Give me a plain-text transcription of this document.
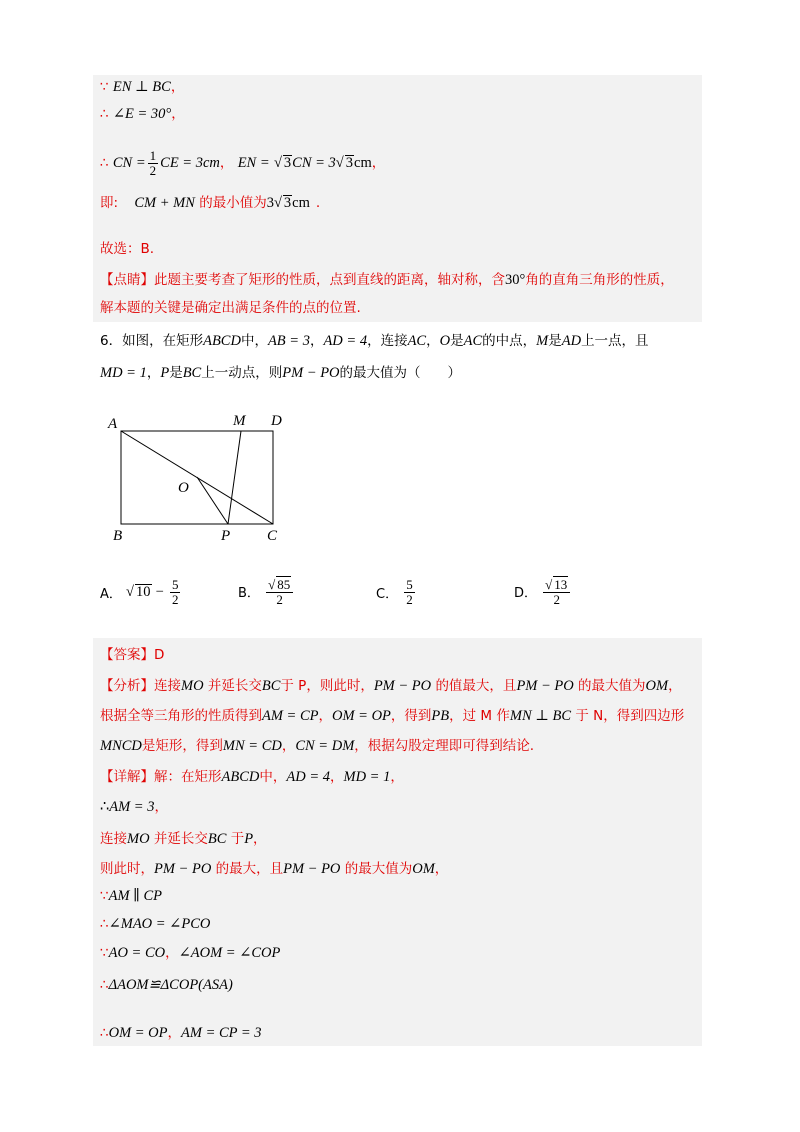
∵ EN ⊥ BC，
∴ ∠E = 30°，
∴ CN = $\frac{1}{2}$ CE = 3cm， EN = √ 3CN = 3√ 3cm，
即: CM + MN 的最小值为3√ 3cm .
故选：B.
【点睛】此题主要考查了矩形的性质，点到直线的距离，轴对称，含30°角的直角三角形的性质，
解本题的关键是确定出满足条件的点的位置.
6．如图，在矩形ABCD中，AB = 3，AD = 4，连接AC，O是AC的中点，M是AD上一点，且
MD = 1，P是BC上一动点，则PM − PO的最大值为（　　）
A	M D
O
B	P C
A． √ $10 - \frac{5}{2}$	B． $\frac{√ 85}{2}$	C． $\frac{5}{2}$	D． $\frac{√ 13}{2}$
【答案】D
【分析】连接MO 并延长交BC于 P，则此时，PM − PO 的值最大，且PM − PO 的最大值为OM，
根据全等三角形的性质得到AM = CP，OM = OP，得到PB，过 M 作MN ⊥ BC 于 N，得到四边形
MNCD是矩形，得到MN = CD，CN = DM，根据勾股定理即可得到结论.
【详解】解：在矩形ABCD中，AD = 4，MD = 1，
∴AM = 3，
连接MO 并延长交BC 于P，
则此时，PM − PO 的最大，且PM − PO 的最大值为OM，
∵AM ∥ CP
∴∠MAO = ∠PCO
∵AO = CO，∠AOM = ∠COP
∴ΔAOM≌ΔCOP(ASA)
∴OM = OP，AM = CP = 3
